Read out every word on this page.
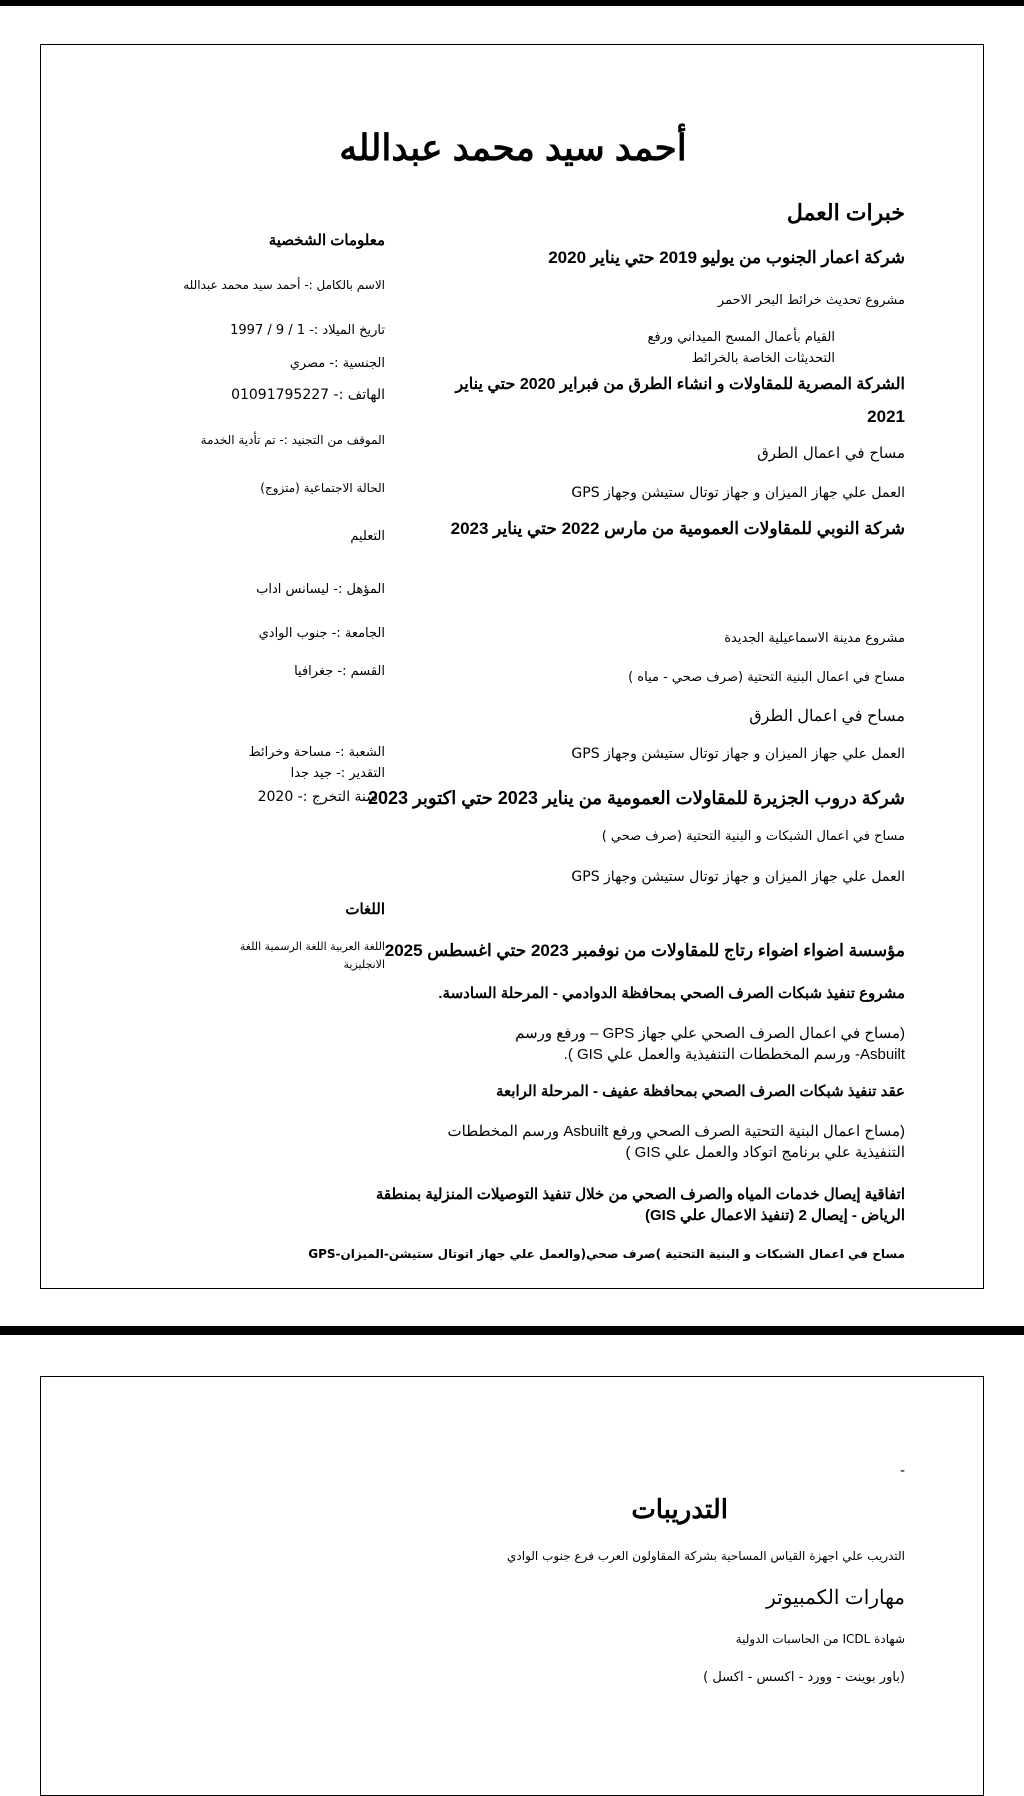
أحمد سيد محمد عبدالله
خبرات العمل
شركة اعمار الجنوب من يوليو 2019 حتي يناير 2020
مشروع تحديث خرائط البحر الاحمر
القيام بأعمال المسح الميداني ورفع
التحديثات الخاصة بالخرائط
الشركة المصرية للمقاولات و انشاء الطرق من فبراير 2020 حتي يناير
2021
مساح في اعمال الطرق
العمل علي جهاز الميزان و جهاز توتال ستيشن وجهاز GPS
شركة النوبي للمقاولات العمومية من مارس 2022 حتي يناير 2023
مشروع مدينة الاسماعيلية الجديدة
مساح في اعمال البنية التحتية (صرف صحي - مياه )
مساح في اعمال الطرق
العمل علي جهاز الميزان و جهاز توتال ستيشن وجهاز GPS
شركة دروب الجزيرة للمقاولات العمومية من يناير 2023 حتي اكتوبر 2023
مساح في اعمال الشبكات و البنية التحتية (صرف صحي )
العمل علي جهاز الميزان و جهاز توتال ستيشن وجهاز GPS
مؤسسة اضواء اضواء رتاج للمقاولات من نوفمبر 2023 حتي اغسطس 2025
مشروع تنفيذ شبكات الصرف الصحي بمحافظة الدوادمي - المرحلة السادسة.
(مساح في اعمال الصرف الصحي علي جهاز GPS – ورفع ورسم
Asbuilt- ورسم المخططات التنفيذية والعمل علي GIS ).
عقد تنفيذ شبكات الصرف الصحي بمحافظة عفيف - المرحلة الرابعة
(مساح اعمال البنية التحتية الصرف الصحي ورفع Asbuilt ورسم المخططات
التنفيذية علي برنامج اتوكاد والعمل علي GIS )
اتفاقية إيصال خدمات المياه والصرف الصحي من خلال تنفيذ التوصيلات المنزلية بمنطقة
الرياض - إيصال 2 (تنفيذ الاعمال علي GIS)
مساح في اعمال الشبكات و البنية التحتية )صرف صحي(والعمل علي جهاز اتوتال ستيشن-الميزان-GPS
معلومات الشخصية
الاسم بالكامل :- أحمد سيد محمد عبدالله
تاريخ الميلاد :- 1 / 9 / 1997
الجنسية :- مصري
الهاتف :- 01091795227
الموقف من التجنيد :- تم تأدية الخدمة
الحالة الاجتماعية (متزوج)
التعليم
المؤهل :- ليسانس اداب
الجامعة :- جنوب الوادي
القسم :- جغرافيا
الشعبة :- مساحة وخرائط
التقدير :- جيد جدا
سنة التخرج :- 2020
اللغات
اللغة العربية اللغة الرسمية اللغة
الانجليزية
-
التدريبات
التدريب علي اجهزة القياس المساحية بشركة المقاولون العرب فرع جنوب الوادي
مهارات الكمبيوتر
شهادة ICDL من الحاسبات الدولية
(باور بوينت - وورد - اكسس - اكسل )
